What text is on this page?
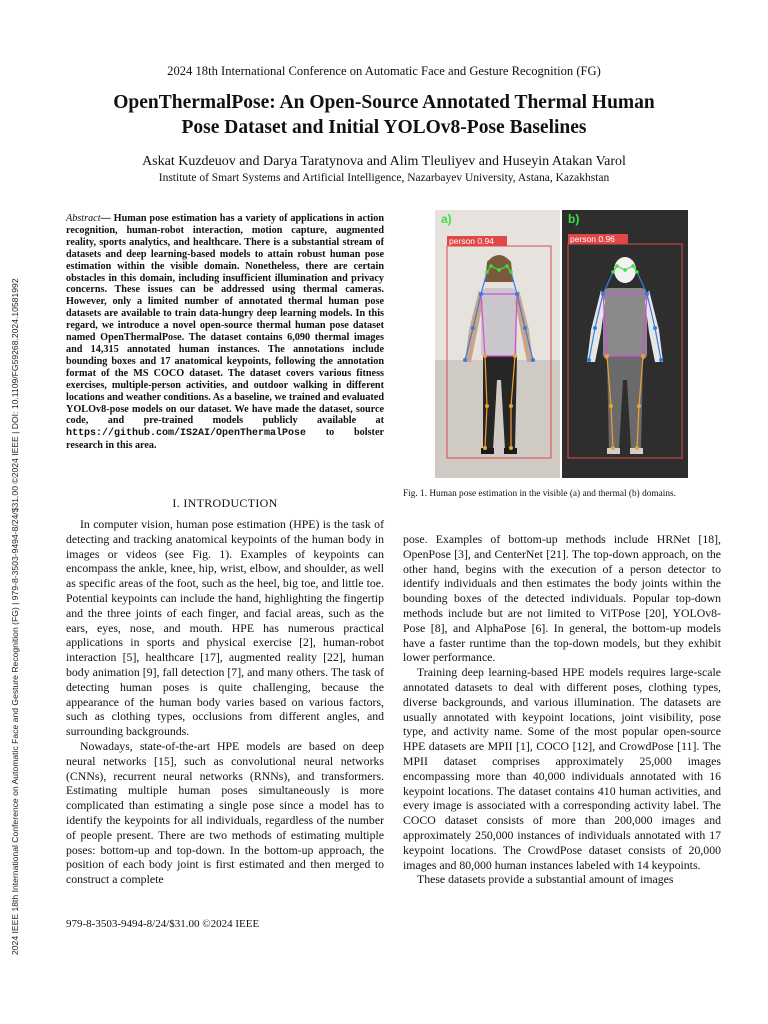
2024 18th International Conference on Automatic Face and Gesture Recognition (FG)
OpenThermalPose: An Open-Source Annotated Thermal Human
Pose Dataset and Initial YOLOv8-Pose Baselines
Askat Kuzdeuov and Darya Taratynova and Alim Tleuliyev and Huseyin Atakan Varol
Institute of Smart Systems and Artificial Intelligence, Nazarbayev University, Astana, Kazakhstan
2024 IEEE 18th International Conference on Automatic Face and Gesture Recognition (FG) | 979-8-3503-9494-8/24/$31.00 ©2024 IEEE | DOI: 10.1109/FG59268.2024.10581992
Abstract— Human pose estimation has a variety of applications in action recognition, human-robot interaction, motion capture, augmented reality, sports analytics, and healthcare. There is a substantial stream of datasets and deep learning-based models to attain robust human pose estimation within the visible domain. Nonetheless, there are certain obstacles in this domain, including insufficient illumination and privacy concerns. These issues can be addressed using thermal cameras. However, only a limited number of annotated thermal human pose datasets are available to train data-hungry deep learning models. In this regard, we introduce a novel open-source thermal human pose dataset named OpenThermalPose. The dataset contains 6,090 thermal images and 14,315 annotated human instances. The annotations include bounding boxes and 17 anatomical keypoints, following the annotation format of the MS COCO dataset. The dataset covers various fitness exercises, multiple-person activities, and outdoor walking in different locations and weather conditions. As a baseline, we trained and evaluated YOLOv8-pose models on our dataset. We have made the dataset, source code, and pre-trained models publicly available at https://github.com/IS2AI/OpenThermalPose to bolster research in this area.
I. INTRODUCTION

In computer vision, human pose estimation (HPE) is the task of detecting and tracking anatomical keypoints of the human body in images or videos (see Fig. 1). Examples of keypoints can encompass the ankle, knee, hip, wrist, elbow, and shoulder, as well as specific areas of the foot, such as the heel, big toe, and little toe. Potential keypoints can include the hand, highlighting the fingertip and the three joints of each finger, and facial areas, such as the ears, eyes, nose, and mouth. HPE has numerous practical applications in sports and physical exercise [2], human-robot interaction [5], healthcare [17], augmented reality [22], human body animation [9], fall detection [7], and many others. The task of detecting human poses is quite challenging, because the appearance of the human body varies based on various factors, such as clothing types, occlusions from different angles, and surrounding backgrounds.

Nowadays, state-of-the-art HPE models are based on deep neural networks [15], such as convolutional neural networks (CNNs), recurrent neural networks (RNNs), and transformers. Estimating multiple human poses simultaneously is more complicated than estimating a single pose since a model has to identify the keypoints for all individuals, regardless of the number of people present. There are two methods of estimating multiple poses: bottom-up and top-down. In the bottom-up approach, the position of each body joint is first estimated and then merged to construct a complete

pose. Examples of bottom-up methods include HRNet [18], OpenPose [3], and CenterNet [21]. The top-down approach, on the other hand, begins with the execution of a person detector to identify individuals and then estimates the body joints within the bounding boxes of the detected individuals. Popular top-down methods include but are not limited to ViTPose [20], YOLOv8-Pose [8], and AlphaPose [6]. In general, the bottom-up models have a faster runtime than the top-down models, but they exhibit lower performance.

Training deep learning-based HPE models requires large-scale annotated datasets to deal with different poses, clothing types, diverse backgrounds, and various illumination. The datasets are usually annotated with keypoint locations, joint visibility, pose type, and activity name. Some of the most popular open-source HPE datasets are MPII [1], COCO [12], and CrowdPose [11]. The MPII dataset comprises approximately 25,000 images encompassing more than 40,000 individuals annotated with 16 keypoint locations. The dataset contains 410 human activities, and every image is associated with a corresponding activity label. The COCO dataset consists of more than 200,000 images and approximately 250,000 instances of individuals annotated with 17 keypoint locations. The CrowdPose dataset consists of 20,000 images and 80,000 human instances labeled with 14 keypoints.

These datasets provide a substantial amount of images

person 0.94
a)
person 0.96
b)
Fig. 1. Human pose estimation in the visible (a) and thermal (b) domains.
979-8-3503-9494-8/24/$31.00 ©2024 IEEE
